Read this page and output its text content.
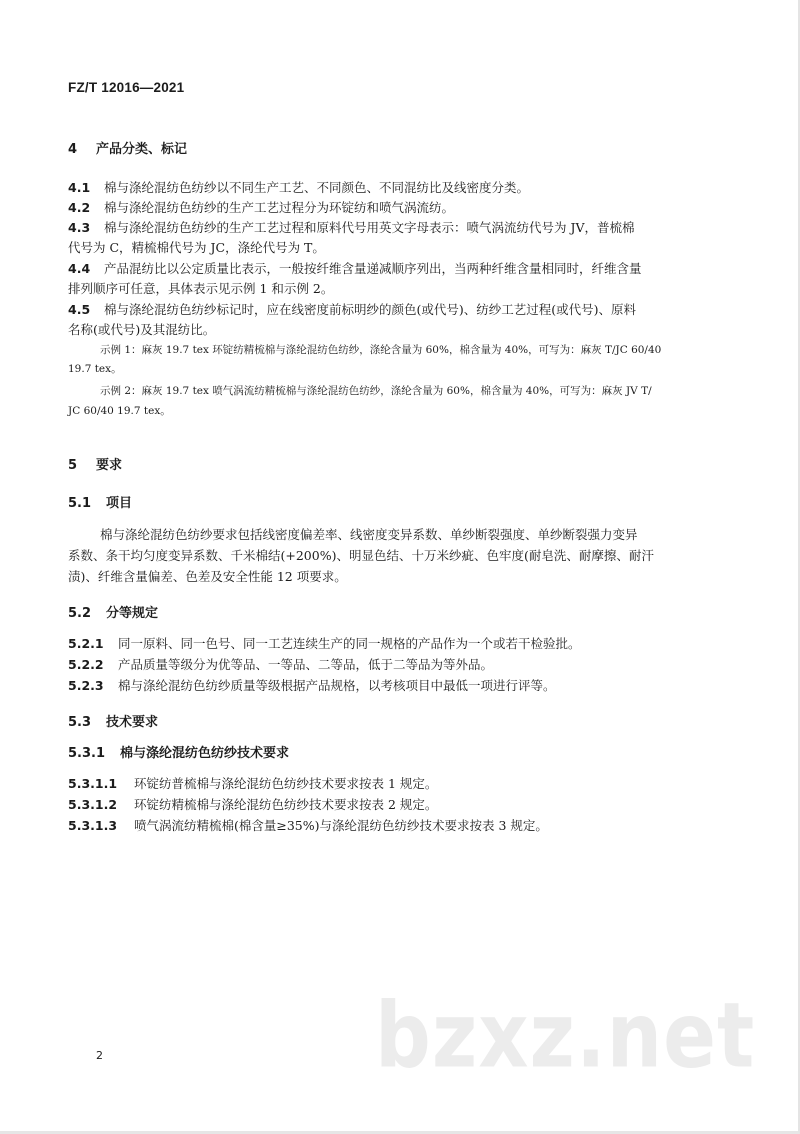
FZ/T 12016—2021
4 产品分类、标记
4.1 棉与涤纶混纺色纺纱以不同生产工艺、不同颜色、不同混纺比及线密度分类。
4.2 棉与涤纶混纺色纺纱的生产工艺过程分为环锭纺和喷气涡流纺。
4.3 棉与涤纶混纺色纺纱的生产工艺过程和原料代号用英文字母表示：喷气涡流纺代号为 JV，普梳棉
代号为 C，精梳棉代号为 JC，涤纶代号为 T。
4.4 产品混纺比以公定质量比表示，一般按纤维含量递减顺序列出，当两种纤维含量相同时，纤维含量
排列顺序可任意，具体表示见示例 1 和示例 2。
4.5 棉与涤纶混纺色纺纱标记时，应在线密度前标明纱的颜色(或代号)、纺纱工艺过程(或代号)、原料
名称(或代号)及其混纺比。
示例 1：麻灰 19.7 tex 环锭纺精梳棉与涤纶混纺色纺纱，涤纶含量为 60%，棉含量为 40%，可写为：麻灰 T/JC 60/40
19.7 tex。
示例 2：麻灰 19.7 tex 喷气涡流纺精梳棉与涤纶混纺色纺纱，涤纶含量为 60%，棉含量为 40%，可写为：麻灰 JV T/
JC 60/40 19.7 tex。
5 要求
5.1 项目
棉与涤纶混纺色纺纱要求包括线密度偏差率、线密度变异系数、单纱断裂强度、单纱断裂强力变异
系数、条干均匀度变异系数、千米棉结(+200%)、明显色结、十万米纱疵、色牢度(耐皂洗、耐摩擦、耐汗
渍)、纤维含量偏差、色差及安全性能 12 项要求。
5.2 分等规定
5.2.1 同一原料、同一色号、同一工艺连续生产的同一规格的产品作为一个或若干检验批。
5.2.2 产品质量等级分为优等品、一等品、二等品，低于二等品为等外品。
5.2.3 棉与涤纶混纺色纺纱质量等级根据产品规格，以考核项目中最低一项进行评等。
5.3 技术要求
5.3.1 棉与涤纶混纺色纺纱技术要求
5.3.1.1 环锭纺普梳棉与涤纶混纺色纺纱技术要求按表 1 规定。
5.3.1.2 环锭纺精梳棉与涤纶混纺色纺纱技术要求按表 2 规定。
5.3.1.3 喷气涡流纺精梳棉(棉含量≥35%)与涤纶混纺色纺纱技术要求按表 3 规定。
bzxz.net
2
